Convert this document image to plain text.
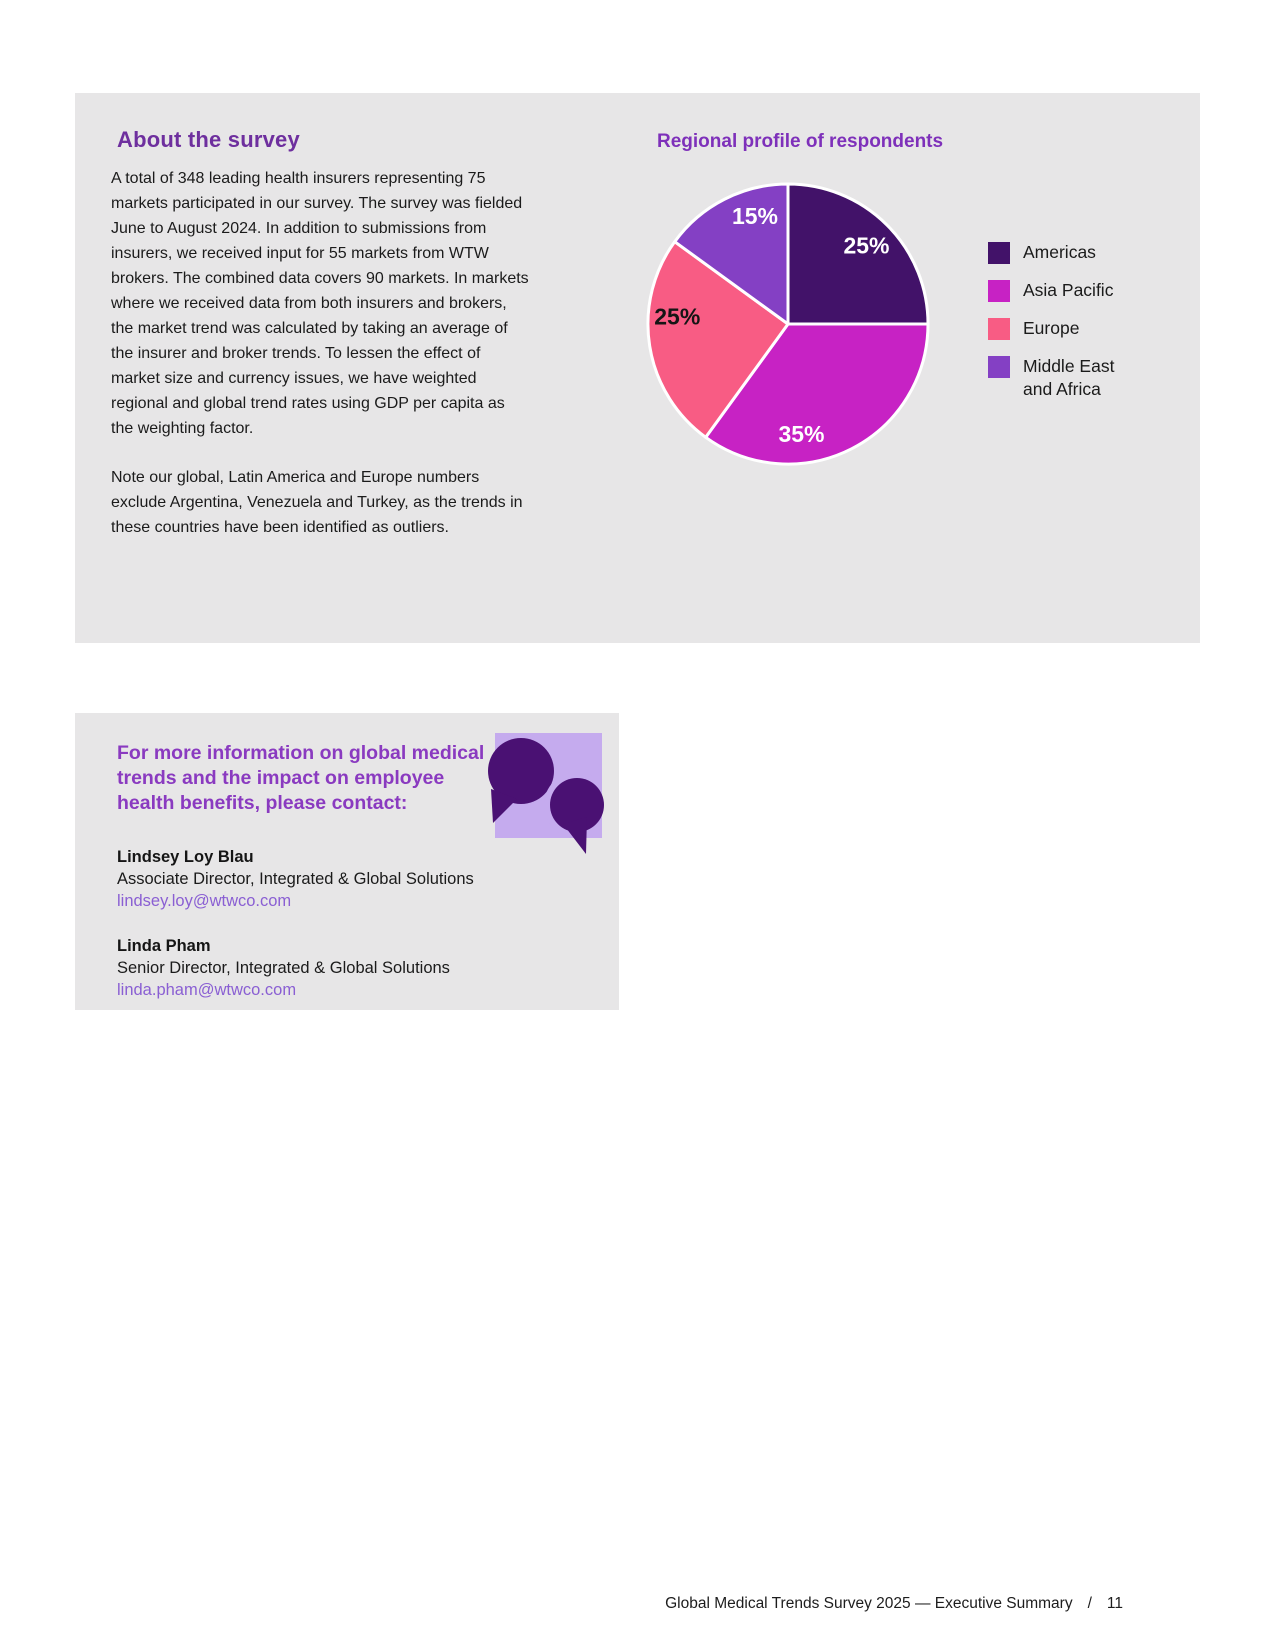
About the survey

A total of 348 leading health insurers representing 75 markets participated in our survey. The survey was fielded June to August 2024. In addition to submissions from insurers, we received input for 55 markets from WTW brokers. The combined data covers 90 markets. In markets where we received data from both insurers and brokers, the market trend was calculated by taking an average of the insurer and broker trends. To lessen the effect of market size and currency issues, we have weighted regional and global trend rates using GDP per capita as the weighting factor.

Note our global, Latin America and Europe numbers exclude Argentina, Venezuela and Turkey, as the trends in these countries have been identified as outliers.

Regional profile of respondents
25%
35%
25%
15%
Americas
Asia Pacific
Europe
Middle East and Africa
For more information on global medical trends and the impact on employee health benefits, please contact:
Lindsey Loy Blau
Associate Director, Integrated & Global Solutions
lindsey.loy@wtwco.com
Linda Pham
Senior Director, Integrated & Global Solutions
linda.pham@wtwco.com
Global Medical Trends Survey 2025 — Executive Summary / 11
